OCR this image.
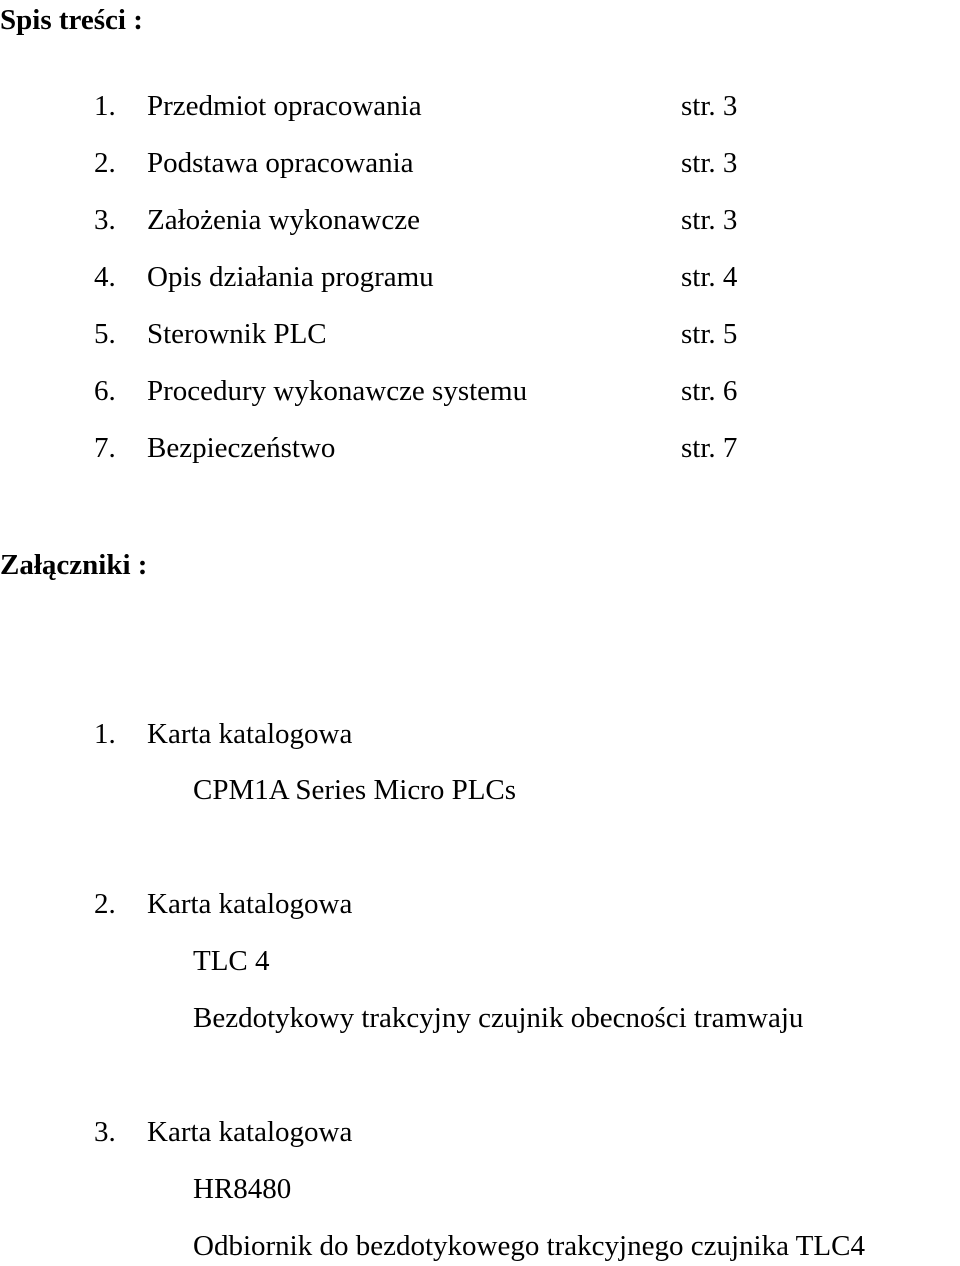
Spis treści :
1. Przedmiot opracowania	str. 3
2. Podstawa opracowania	str. 3
3. Założenia wykonawcze	str. 3
4. Opis działania programu	str. 4
5. Sterownik PLC	str. 5
6. Procedury wykonawcze systemu	str. 6
7. Bezpieczeństwo	str. 7
Załączniki :
1. Karta katalogowa
CPM1A Series Micro PLCs
2. Karta katalogowa
TLC 4
Bezdotykowy trakcyjny czujnik obecności tramwaju
3. Karta katalogowa
HR8480
Odbiornik do bezdotykowego trakcyjnego czujnika TLC4
